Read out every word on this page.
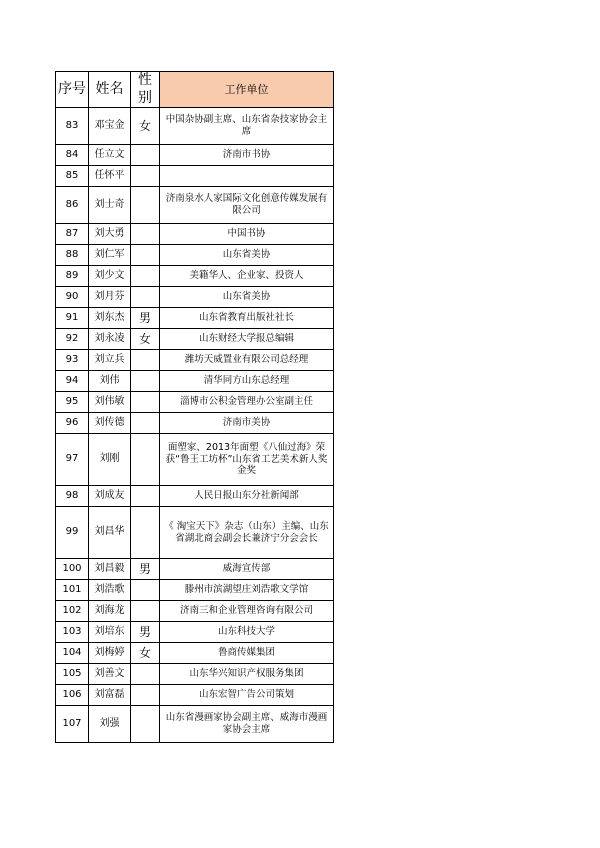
序号	姓名	性别	工作单位
83	邓宝金	女	中国杂协副主席、山东省杂技家协会主席
84	任立文		济南市书协
85	任怀平		
86	刘士奇		济南泉水人家国际文化创意传媒发展有限公司
87	刘大勇		中国书协
88	刘仁军		山东省美协
89	刘少文		美籍华人、企业家、投资人
90	刘月芬		山东省美协
91	刘东杰	男	山东省教育出版社社长
92	刘永凌	女	山东财经大学报总编辑
93	刘立兵		潍坊天威置业有限公司总经理
94	刘伟		清华同方山东总经理
95	刘伟敏		淄博市公积金管理办公室副主任
96	刘传德		济南市美协
97	刘刚		面塑家、2013年面塑《八仙过海》荣获“鲁王工坊杯”山东省工艺美术新人奖金奖
98	刘成友		人民日报山东分社新闻部
99	刘昌华		《 淘宝天下》杂志（山东）主编、山东省湖北商会副会长兼济宁分会会长
100	刘昌毅	男	威海宣传部
101	刘浩歌		滕州市滨湖望庄刘浩歌文学馆
102	刘海龙		济南三和企业管理咨询有限公司
103	刘培东	男	山东科技大学
104	刘梅婷	女	鲁商传媒集团
105	刘善文		山东华兴知识产权服务集团
106	刘富磊		山东宏智广告公司策划
107	刘强		山东省漫画家协会副主席、威海市漫画家协会主席
